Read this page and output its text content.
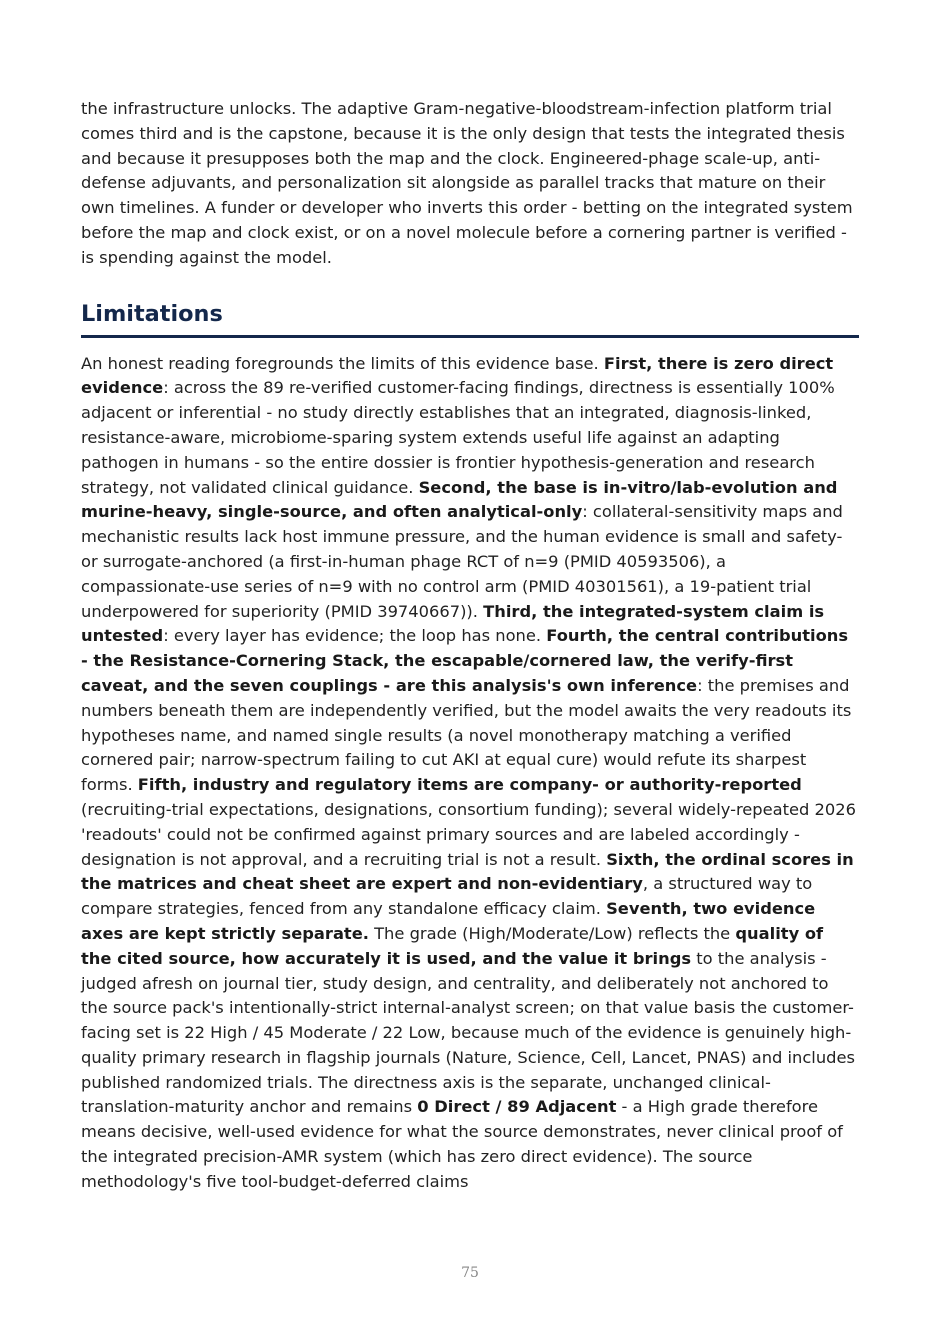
the infrastructure unlocks. The adaptive Gram-negative-bloodstream-infection platform trial comes third and is the capstone, because it is the only design that tests the integrated thesis and because it presupposes both the map and the clock. Engineered-phage scale-up, anti-defense adjuvants, and personalization sit alongside as parallel tracks that mature on their own timelines. A funder or developer who inverts this order - betting on the integrated system before the map and clock exist, or on a novel molecule before a cornering partner is verified - is spending against the model.

Limitations

An honest reading foregrounds the limits of this evidence base. First, there is zero direct evidence: across the 89 re-verified customer-facing findings, directness is essentially 100% adjacent or inferential - no study directly establishes that an integrated, diagnosis-linked, resistance-aware, microbiome-sparing system extends useful life against an adapting pathogen in humans - so the entire dossier is frontier hypothesis-generation and research strategy, not validated clinical guidance. Second, the base is in-vitro/lab-evolution and murine-heavy, single-source, and often analytical-only: collateral-sensitivity maps and mechanistic results lack host immune pressure, and the human evidence is small and safety-or surrogate-anchored (a first-in-human phage RCT of n=9 (PMID 40593506), a compassionate-use series of n=9 with no control arm (PMID 40301561), a 19-patient trial underpowered for superiority (PMID 39740667)). Third, the integrated-system claim is untested: every layer has evidence; the loop has none. Fourth, the central contributions - the Resistance-Cornering Stack, the escapable/cornered law, the verify-first caveat, and the seven couplings - are this analysis's own inference: the premises and numbers beneath them are independently verified, but the model awaits the very readouts its hypotheses name, and named single results (a novel monotherapy matching a verified cornered pair; narrow-spectrum failing to cut AKI at equal cure) would refute its sharpest forms. Fifth, industry and regulatory items are company- or authority-reported (recruiting-trial expectations, designations, consortium funding); several widely-repeated 2026 'readouts' could not be confirmed against primary sources and are labeled accordingly - designation is not approval, and a recruiting trial is not a result. Sixth, the ordinal scores in the matrices and cheat sheet are expert and non-evidentiary, a structured way to compare strategies, fenced from any standalone efficacy claim. Seventh, two evidence axes are kept strictly separate. The grade (High/Moderate/Low) reflects the quality of the cited source, how accurately it is used, and the value it brings to the analysis - judged afresh on journal tier, study design, and centrality, and deliberately not anchored to the source pack's intentionally-strict internal-analyst screen; on that value basis the customer-facing set is 22 High / 45 Moderate / 22 Low, because much of the evidence is genuinely high-quality primary research in flagship journals (Nature, Science, Cell, Lancet, PNAS) and includes published randomized trials. The directness axis is the separate, unchanged clinical-translation-maturity anchor and remains 0 Direct / 89 Adjacent - a High grade therefore means decisive, well-used evidence for what the source demonstrates, never clinical proof of the integrated precision-AMR system (which has zero direct evidence). The source methodology's five tool-budget-deferred claims

75
